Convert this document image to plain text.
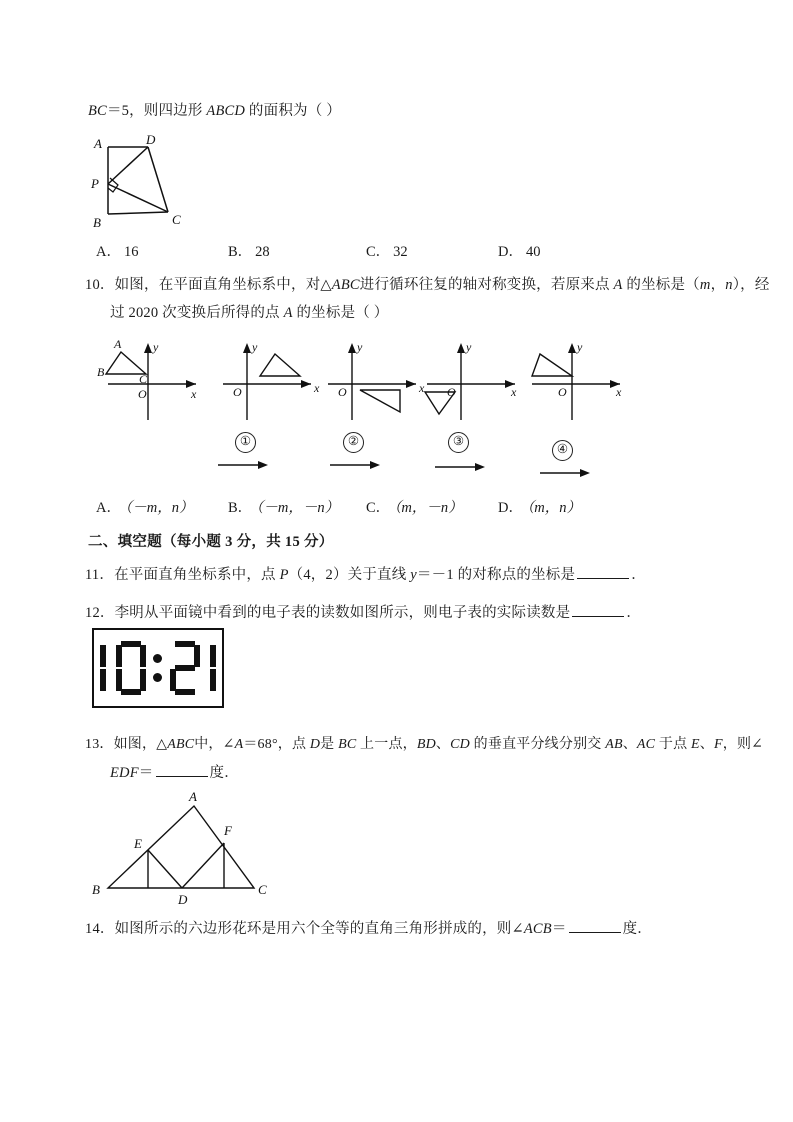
BC＝5，则四边形 ABCD 的面积为（ ）
A	D
P
B	C
A． 16	B． 28	C． 32	D． 40
10．如图，在平面直角坐标系中，对△ABC进行循环往复的轴对称变换，若原来点 A 的坐标是（m，n），经
过 2020 次变换后所得的点 A 的坐标是（ ）
A
B	C
y
x
O
y
x
O
y
x
O
y
x
O
y
x
O
①	②	③
④
A． （－m，n） B． （－m，－n） C． （m，－n） D． （m，n）
二、填空题（每小题 3 分，共 15 分）
11．在平面直角坐标系中，点 P（4，2）关于直线 y＝－1 的对称点的坐标是	．
12．李明从平面镜中看到的电子表的读数如图所示，则电子表的实际读数是	．
13．如图，△ABC中，∠A＝68°，点 D是 BC 上一点，BD、CD 的垂直平分线分别交 AB、AC 于点 E、F，则∠
EDF＝	度．
A
F
E
B
D
C
14．如图所示的六边形花环是用六个全等的直角三角形拼成的，则∠ACB＝	度．
